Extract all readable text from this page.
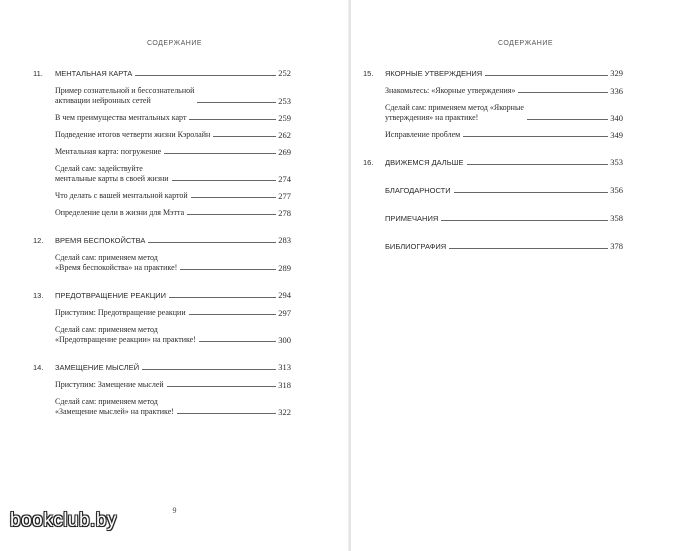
СОДЕРЖАНИЕ
11.	МЕНТАЛЬНАЯ КАРТА	252
Пример сознательной и бессознательной
активации нейронных сетей	253
В чем преимущества ментальных карт	259
Подведение итогов четверти жизни Кэролайн	262
Ментальная карта: погружение	269
Сделай сам: задействуйте
ментальные карты в своей жизни	274
Что делать с вашей ментальной картой	277
Определение цели в жизни для Мэтта	278
12.	ВРЕМЯ БЕСПОКОЙСТВА	283
Сделай сам: применяем метод
«Время беспокойства» на практике!	289
13.	ПРЕДОТВРАЩЕНИЕ РЕАКЦИИ	294
Приступим: Предотвращение реакции	297
Сделай сам: применяем метод
«Предотвращение реакции» на практике!	300
14.	ЗАМЕЩЕНИЕ МЫСЛЕЙ	313
Приступим: Замещение мыслей	318
Сделай сам: применяем метод
«Замещение мыслей» на практике!	322
9
СОДЕРЖАНИЕ
15.	ЯКОРНЫЕ УТВЕРЖДЕНИЯ	329
Знакомьтесь: «Якорные утверждения»	336
Сделай сам: применяем метод «Якорные
утверждения» на практике!	340
Исправление проблем	349
16.	ДВИЖЕМСЯ ДАЛЬШЕ	353
БЛАГОДАРНОСТИ	356
ПРИМЕЧАНИЯ	358
БИБЛИОГРАФИЯ	378
bookclub.by
